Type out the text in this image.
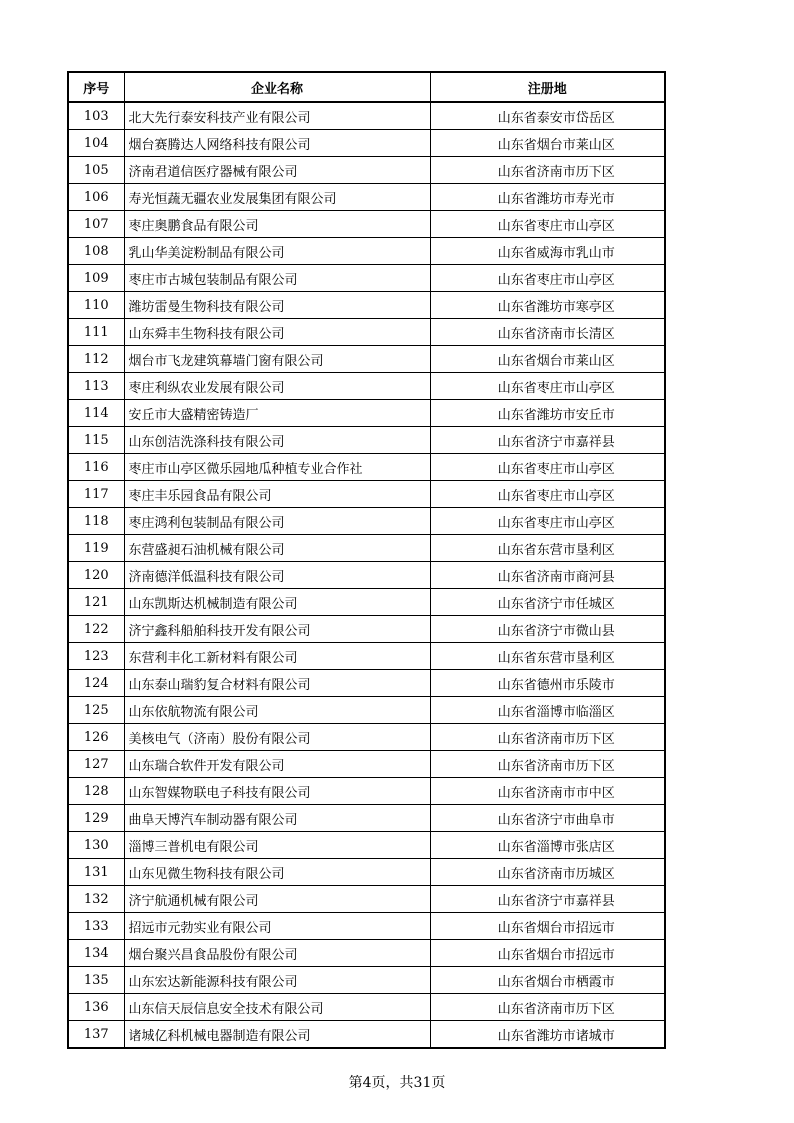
序号	企业名称	注册地
103	北大先行泰安科技产业有限公司	山东省泰安市岱岳区
104	烟台赛腾达人网络科技有限公司	山东省烟台市莱山区
105	济南君道信医疗器械有限公司	山东省济南市历下区
106	寿光恒蔬无疆农业发展集团有限公司	山东省潍坊市寿光市
107	枣庄奥鹏食品有限公司	山东省枣庄市山亭区
108	乳山华美淀粉制品有限公司	山东省威海市乳山市
109	枣庄市古城包装制品有限公司	山东省枣庄市山亭区
110	潍坊雷曼生物科技有限公司	山东省潍坊市寒亭区
111	山东舜丰生物科技有限公司	山东省济南市长清区
112	烟台市飞龙建筑幕墙门窗有限公司	山东省烟台市莱山区
113	枣庄利纵农业发展有限公司	山东省枣庄市山亭区
114	安丘市大盛精密铸造厂	山东省潍坊市安丘市
115	山东创洁洗涤科技有限公司	山东省济宁市嘉祥县
116	枣庄市山亭区微乐园地瓜种植专业合作社	山东省枣庄市山亭区
117	枣庄丰乐园食品有限公司	山东省枣庄市山亭区
118	枣庄鸿利包装制品有限公司	山东省枣庄市山亭区
119	东营盛昶石油机械有限公司	山东省东营市垦利区
120	济南德洋低温科技有限公司	山东省济南市商河县
121	山东凯斯达机械制造有限公司	山东省济宁市任城区
122	济宁鑫科船舶科技开发有限公司	山东省济宁市微山县
123	东营利丰化工新材料有限公司	山东省东营市垦利区
124	山东泰山瑞豹复合材料有限公司	山东省德州市乐陵市
125	山东依航物流有限公司	山东省淄博市临淄区
126	美核电气（济南）股份有限公司	山东省济南市历下区
127	山东瑞合软件开发有限公司	山东省济南市历下区
128	山东智媒物联电子科技有限公司	山东省济南市市中区
129	曲阜天博汽车制动器有限公司	山东省济宁市曲阜市
130	淄博三普机电有限公司	山东省淄博市张店区
131	山东见微生物科技有限公司	山东省济南市历城区
132	济宁航通机械有限公司	山东省济宁市嘉祥县
133	招远市元勃实业有限公司	山东省烟台市招远市
134	烟台聚兴昌食品股份有限公司	山东省烟台市招远市
135	山东宏达新能源科技有限公司	山东省烟台市栖霞市
136	山东信天辰信息安全技术有限公司	山东省济南市历下区
137	诸城亿科机械电器制造有限公司	山东省潍坊市诸城市
第4页，共31页
